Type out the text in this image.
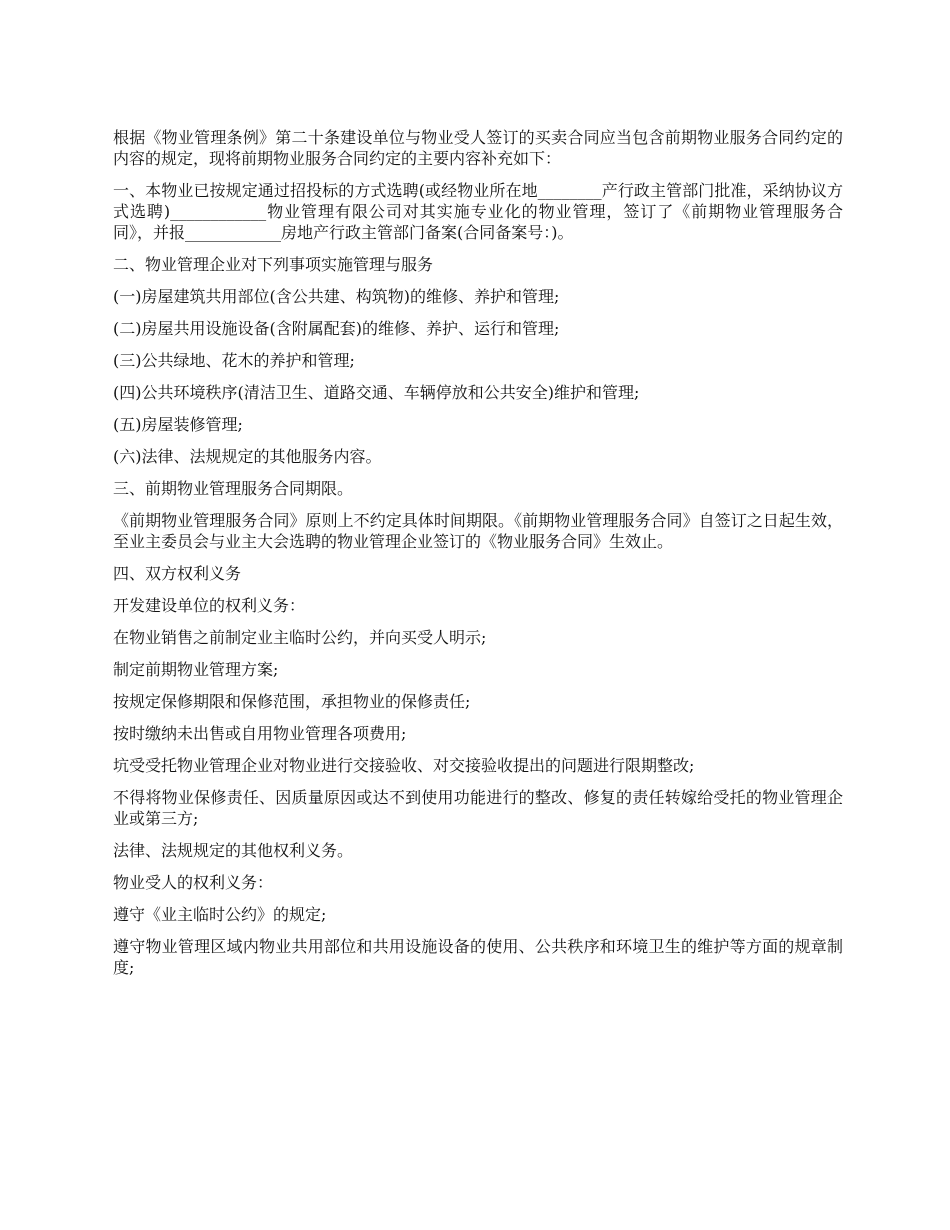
根据《物业管理条例》第二十条建设单位与物业受人签订的买卖合同应当包含前期物业服务合同约定的内容的规定，现将前期物业服务合同约定的主要内容补充如下：

一、本物业已按规定通过招投标的方式选聘(或经物业所在地________产行政主管部门批准，采纳协议方式选聘)____________物业管理有限公司对其实施专业化的物业管理，签订了《前期物业管理服务合同》，并报____________房地产行政主管部门备案(合同备案号：)。

二、物业管理企业对下列事项实施管理与服务

(一)房屋建筑共用部位(含公共建、构筑物)的维修、养护和管理;

(二)房屋共用设施设备(含附属配套)的维修、养护、运行和管理;

(三)公共绿地、花木的养护和管理;

(四)公共环境秩序(清洁卫生、道路交通、车辆停放和公共安全)维护和管理;

(五)房屋装修管理;

(六)法律、法规规定的其他服务内容。

三、前期物业管理服务合同期限。

《前期物业管理服务合同》原则上不约定具体时间期限。《前期物业管理服务合同》自签订之日起生效，至业主委员会与业主大会选聘的物业管理企业签订的《物业服务合同》生效止。

四、双方权利义务

开发建设单位的权利义务：

在物业销售之前制定业主临时公约，并向买受人明示;

制定前期物业管理方案;

按规定保修期限和保修范围，承担物业的保修责任;

按时缴纳未出售或自用物业管理各项费用;

坑受受托物业管理企业对物业进行交接验收、对交接验收提出的问题进行限期整改;

不得将物业保修责任、因质量原因或达不到使用功能进行的整改、修复的责任转嫁给受托的物业管理企业或第三方;

法律、法规规定的其他权利义务。

物业受人的权利义务：

遵守《业主临时公约》的规定;

遵守物业管理区域内物业共用部位和共用设施设备的使用、公共秩序和环境卫生的维护等方面的规章制度;
